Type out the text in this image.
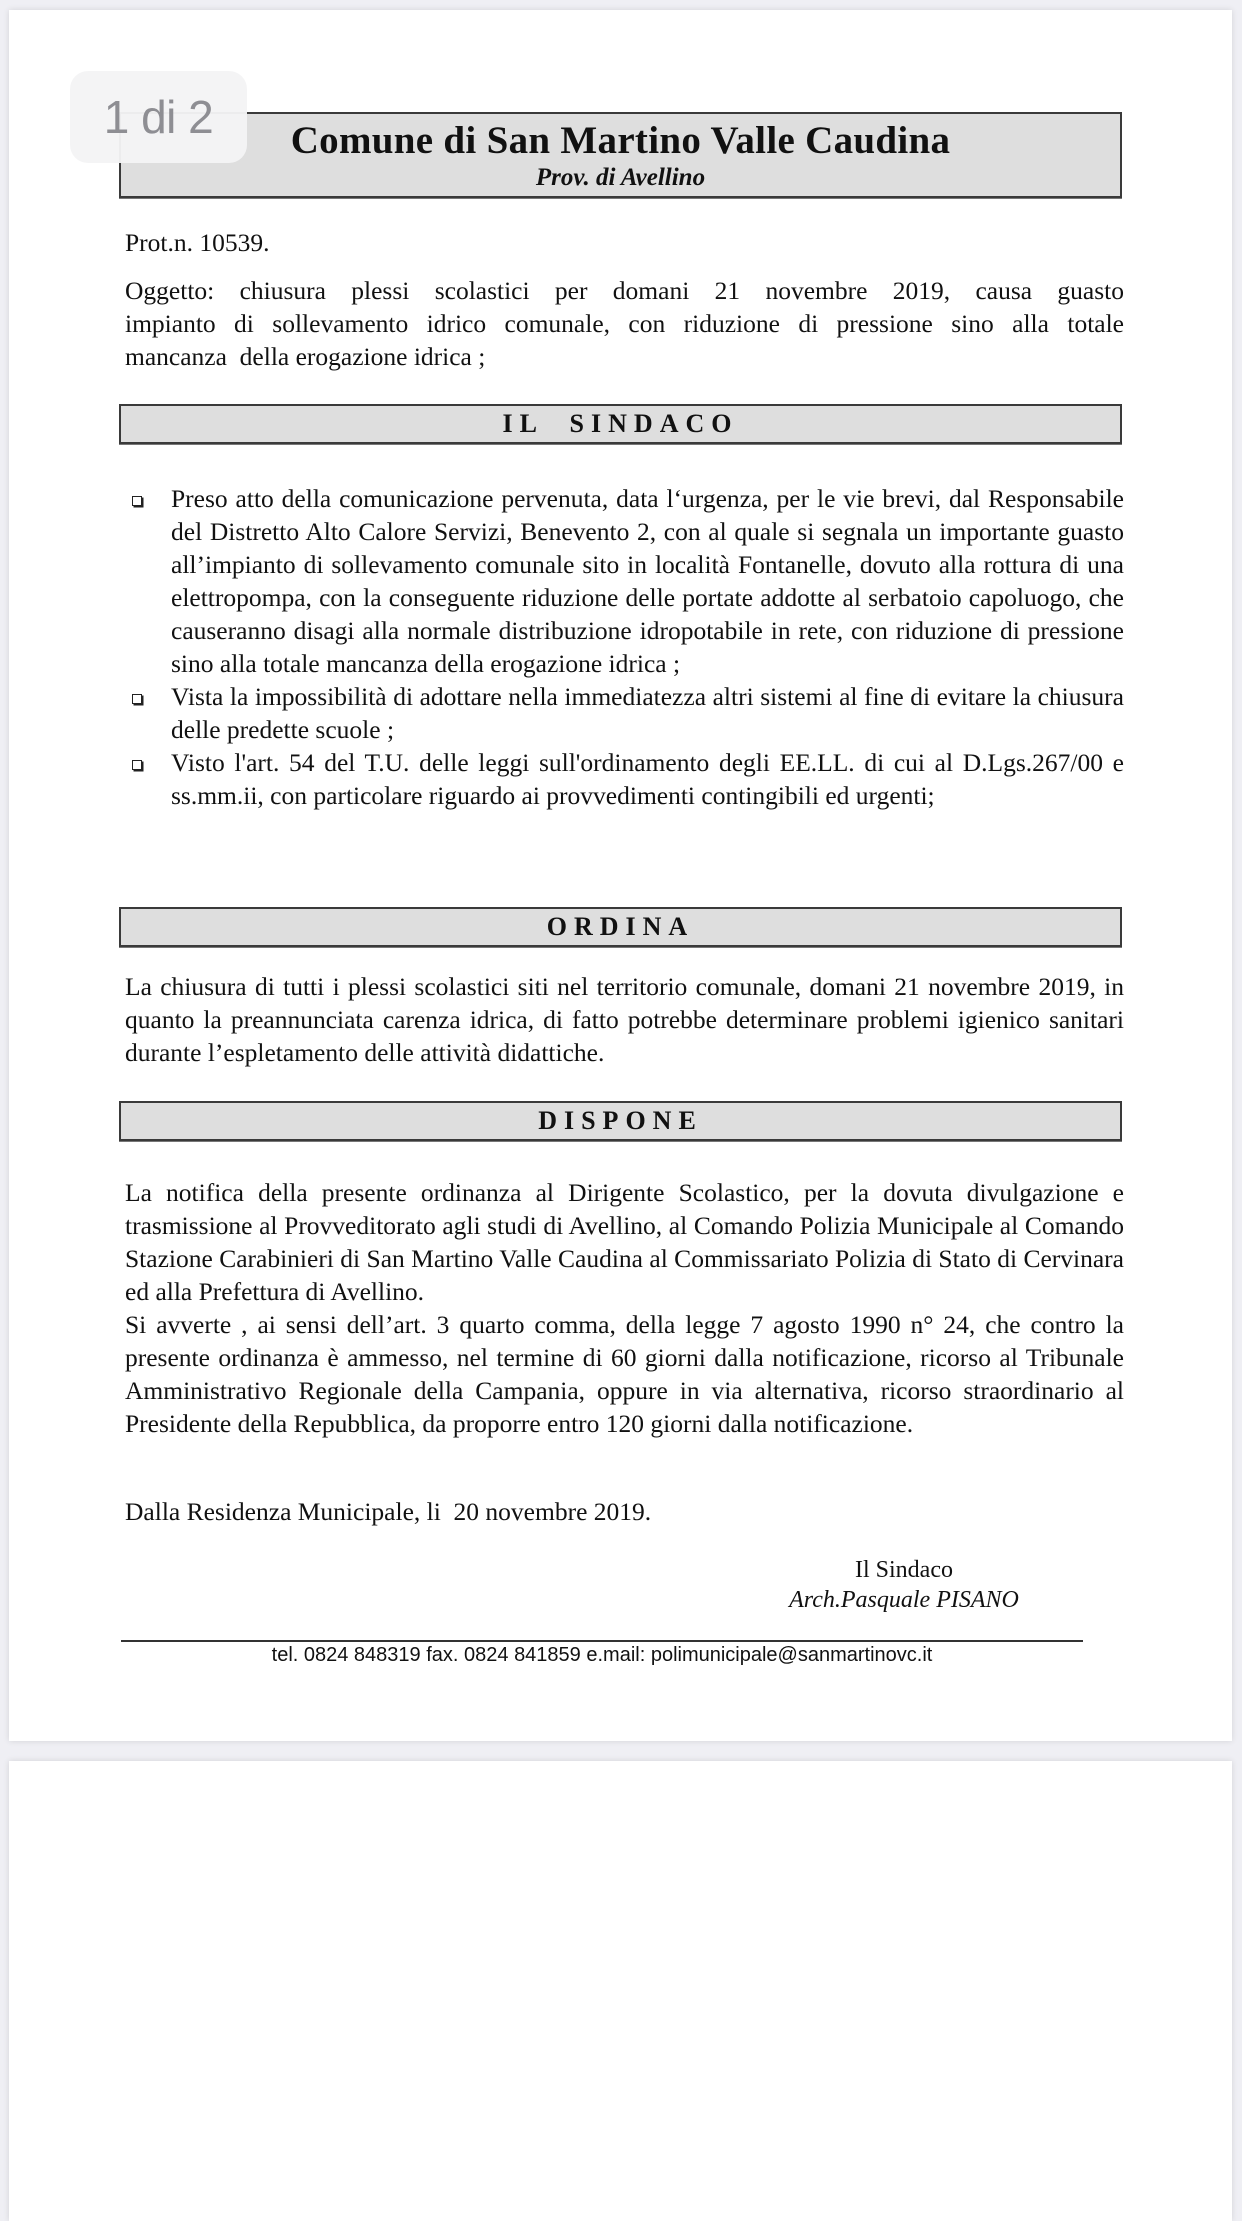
1 di 2	Comune di San Martino Valle Caudina
Prov. di Avellino
Prot.n. 10539.

Oggetto: chiusura plessi scolastici per domani 21 novembre 2019, causa guasto

impianto di sollevamento idrico comunale, con riduzione di pressione sino alla totale

mancanza  della erogazione idrica ;

IL  SINDACO
Preso atto della comunicazione pervenuta, data l‘urgenza, per le vie brevi, dal Responsabile del Distretto Alto Calore Servizi, Benevento 2, con al quale si segnala un importante guasto all’impianto di sollevamento comunale sito in località Fontanelle, dovuto alla rottura di una elettropompa, con la conseguente riduzione delle portate addotte al serbatoio capoluogo, che causeranno disagi alla normale distribuzione idropotabile in rete, con riduzione di pressione sino alla totale mancanza della erogazione idrica ;
Vista la impossibilità di adottare nella immediatezza altri sistemi al fine di evitare la chiusura delle predette scuole ;
Visto l'art. 54 del T.U. delle leggi sull'ordinamento degli EE.LL. di cui al D.Lgs.267/00 e ss.mm.ii, con particolare riguardo ai provvedimenti contingibili ed urgenti;
ORDINA
La chiusura di tutti i plessi scolastici siti nel territorio comunale, domani 21 novembre 2019, in quanto la preannunciata carenza idrica, di fatto potrebbe determinare problemi igienico sanitari durante l’espletamento delle attività didattiche.
DISPONE
La notifica della presente ordinanza al Dirigente Scolastico, per la dovuta divulgazione e trasmissione al Provveditorato agli studi di Avellino, al Comando Polizia Municipale al Comando Stazione Carabinieri di San Martino Valle Caudina al Commissariato Polizia di Stato di Cervinara ed alla Prefettura di Avellino.
Si avverte , ai sensi dell’art. 3 quarto comma, della legge 7 agosto 1990 n° 24, che contro la presente ordinanza è ammesso, nel termine di 60 giorni dalla notificazione, ricorso al Tribunale Amministrativo Regionale della Campania, oppure in via alternativa, ricorso straordinario al Presidente della Repubblica, da proporre entro 120 giorni dalla notificazione.
Dalla Residenza Municipale, li  20 novembre 2019.
Il Sindaco
Arch.Pasquale PISANO
tel. 0824 848319 fax. 0824 841859 e.mail: polimunicipale@sanmartinovc.it
